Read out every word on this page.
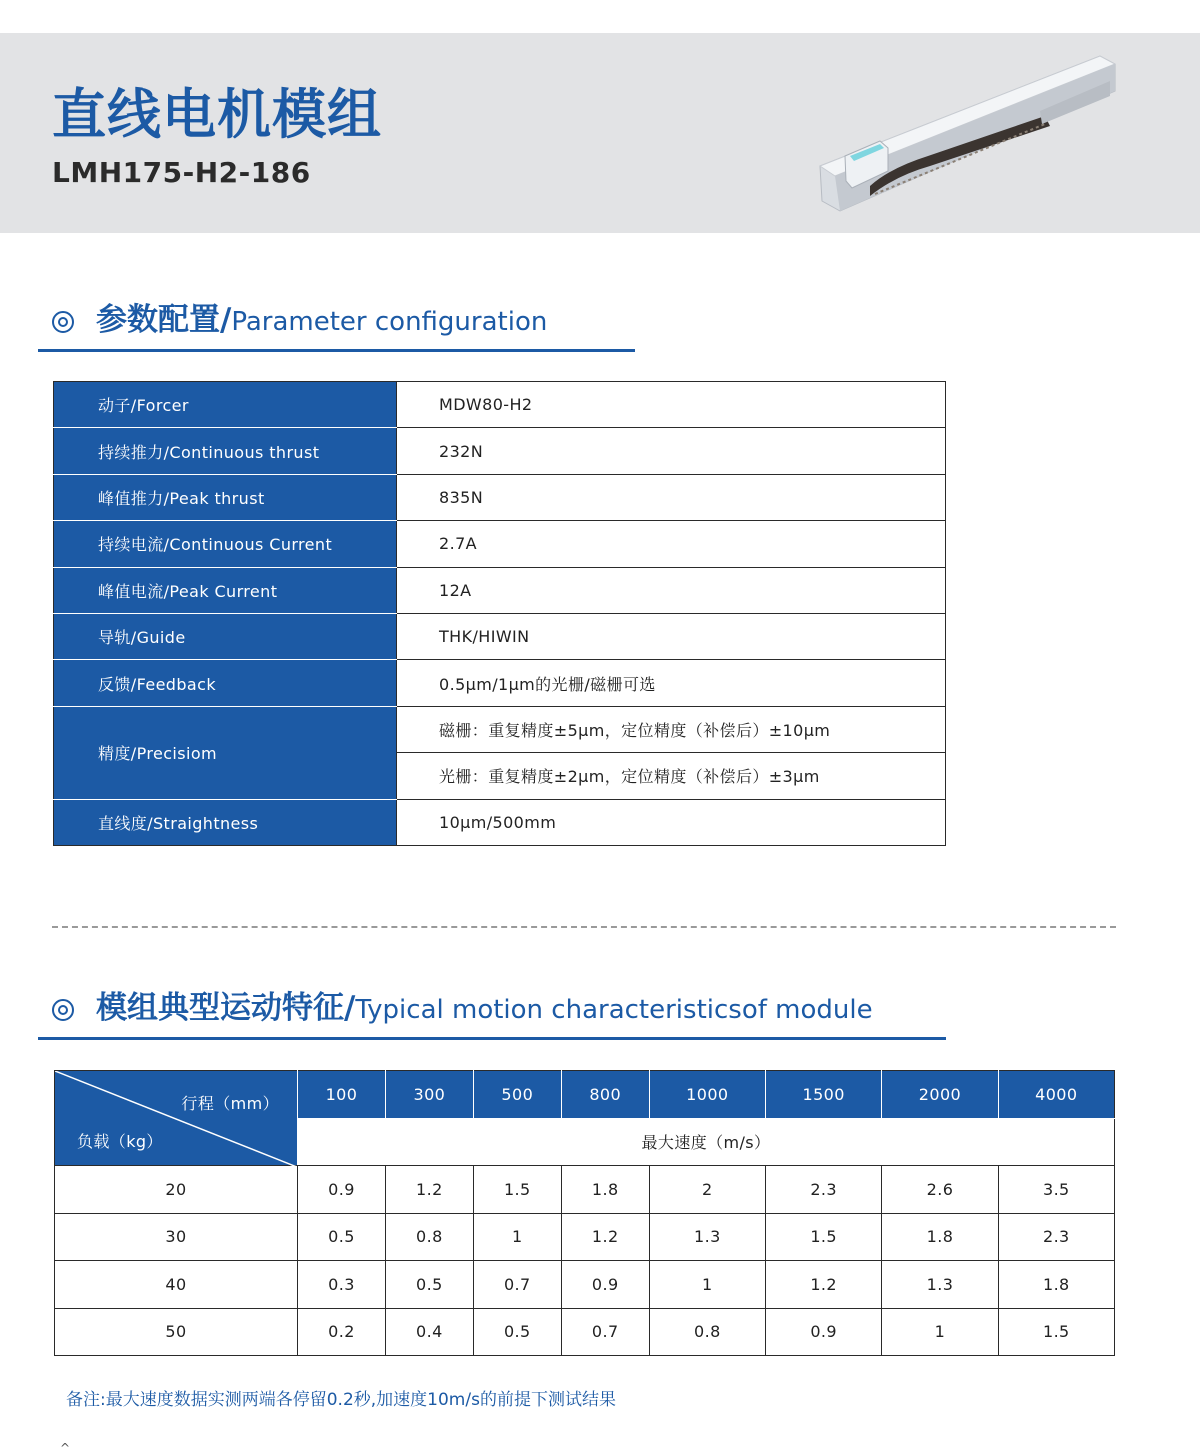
直线电机模组
LMH175-H2-186
参数配置/Parameter configuration
动子/Forcer	MDW80-H2
持续推力/Continuous thrust	232N
峰值推力/Peak thrust	835N
持续电流/Continuous Current	2.7A
峰值电流/Peak Current	12A
导轨/Guide	THK/HIWIN
反馈/Feedback	0.5μm/1μm的光栅/磁栅可选
精度/Precisiom	磁栅：重复精度±5μm，定位精度（补偿后）±10μm
	光栅：重复精度±2μm，定位精度（补偿后）±3μm
直线度/Straightness	10μm/500mm
模组典型运动特征/Typical motion characteristicsof module
行程（mm）
负载（kg）	100	300	500	800	1000	1500	2000	4000
	最大速度（m/s）							
20	0.9	1.2	1.5	1.8	2	2.3	2.6	3.5
30	0.5	0.8	1	1.2	1.3	1.5	1.8	2.3
40	0.3	0.5	0.7	0.9	1	1.2	1.3	1.8
50	0.2	0.4	0.5	0.7	0.8	0.9	1	1.5
备注:最大速度数据实测两端各停留0.2秒,加速度10m/s的前提下测试结果
^
